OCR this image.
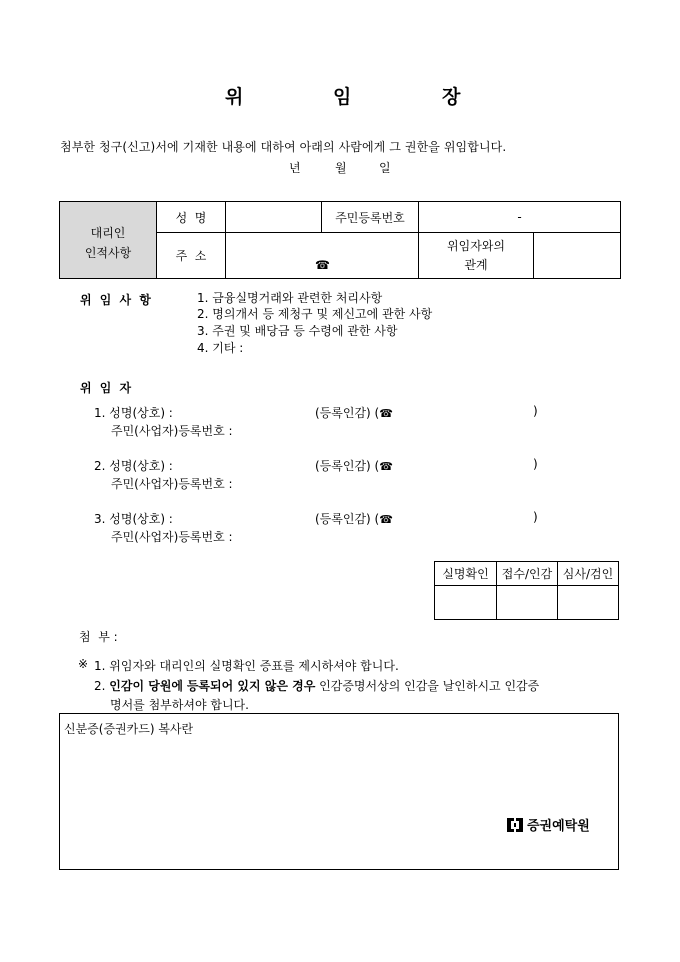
위	임	장
첨부한 청구(신고)서에 기재한 내용에 대하여 아래의 사람에게 그 권한을 위임합니다.
년	월	일
대리인
인적사항	성  명		주민등록번호	-	
	주  소	☎		위임자와의
관계	

위 임 사 항	1. 금융실명거래와 관련한 처리사항
2. 명의개서 등 제청구 및 제신고에 관한 사항
3. 주권 및 배당금 등 수령에 관한 사항
4. 기타 :
위 임 자
1. 성명(상호) :	(등록인감) (☎	)
주민(사업자)등록번호 :
2. 성명(상호) :	(등록인감) (☎	)
주민(사업자)등록번호 :
3. 성명(상호) :	(등록인감) (☎	)
주민(사업자)등록번호 :
실명확인	접수/인감	심사/검인

첨  부 :
※ 1. 위임자와 대리인의 실명확인 증표를 제시하셔야 합니다.
2. 인감이 당원에 등록되어 있지 않은 경우 인감증명서상의 인감을 날인하시고 인감증
명서를 첨부하셔야 합니다.
신분증(증권카드) 복사란
증권예탁원
